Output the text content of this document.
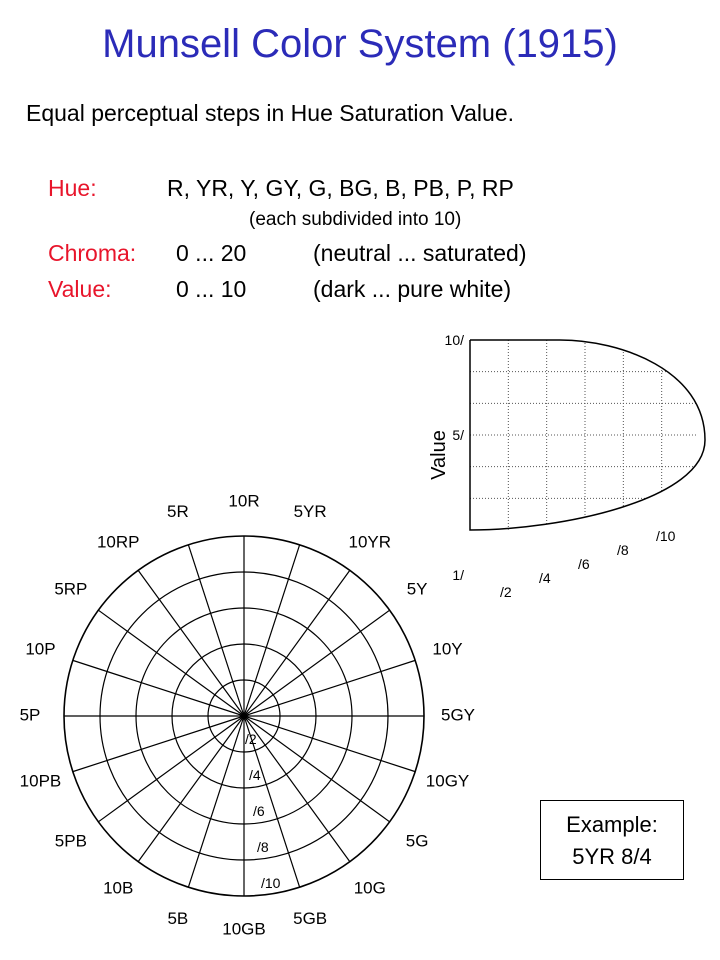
Munsell Color System (1915)
Equal perceptual steps in Hue Saturation Value.
Hue:	R, YR, Y, GY, G, BG, B, PB, P, RP
(each subdivided into 10)
Chroma: 0 ... 20	(neutral ... saturated)
Value:	0 ... 10	(dark ... pure white)
10R
5YR
10YR
5Y
10Y
5GY
10GY
5G
10G
5GB
10GB
5B
10B
5PB
10PB
5P
10P
5RP
10RP
5R
/2
/4
/6
/8
/10
Value
10/
5/
1/
/2
/4
/6
/8
/10
Example:
5YR 8/4
